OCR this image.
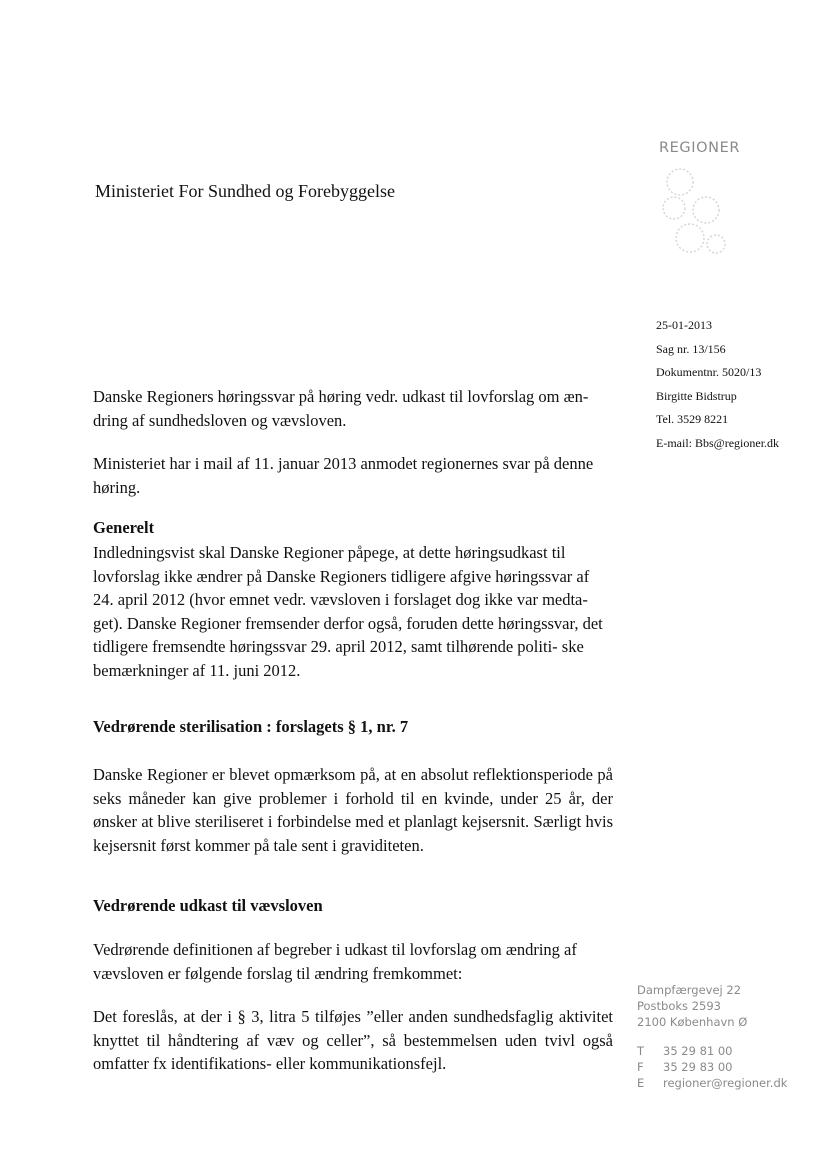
REGIONER
Ministeriet For Sundhed og Forebyggelse
25-01-2013
Sag nr. 13/156
Dokumentnr. 5020/13
Birgitte Bidstrup
Tel. 3529 8221
E-mail: Bbs@regioner.dk

Danske Regioners høringssvar på høring vedr. udkast til lovforslag om æn- dring af sundhedsloven og vævsloven.

Ministeriet har i mail af 11. januar 2013 anmodet regionernes svar på denne høring.

Generelt

Indledningsvist skal Danske Regioner påpege, at dette høringsudkast til lovforslag ikke ændrer på Danske Regioners tidligere afgive høringssvar af 24. april 2012 (hvor emnet vedr. vævsloven i forslaget dog ikke var medta- get). Danske Regioner fremsender derfor også, foruden dette høringssvar, det tidligere fremsendte høringssvar 29. april 2012, samt tilhørende politi- ske bemærkninger af 11. juni 2012.

Vedrørende sterilisation : forslagets § 1, nr. 7

Danske Regioner er blevet opmærksom på, at en absolut reflektionsperiode på seks måneder kan give problemer i forhold til en kvinde, under 25 år, der ønsker at blive steriliseret i forbindelse med et planlagt kejsersnit. Særligt hvis kejsersnit først kommer på tale sent i graviditeten.

Vedrørende udkast til vævsloven

Vedrørende definitionen af begreber i udkast til lovforslag om ændring af vævsloven er følgende forslag til ændring fremkommet:

Det foreslås, at der i § 3, litra 5 tilføjes ”eller anden sundhedsfaglig aktivitet knyttet til håndtering af væv og celler”, så bestemmelsen uden tvivl også omfatter fx identifikations- eller kommunikationsfejl.

Dampfærgevej 22
Postboks 2593
2100 København Ø
T	35 29 81 00
F	35 29 83 00
E	regioner@regioner.dk
